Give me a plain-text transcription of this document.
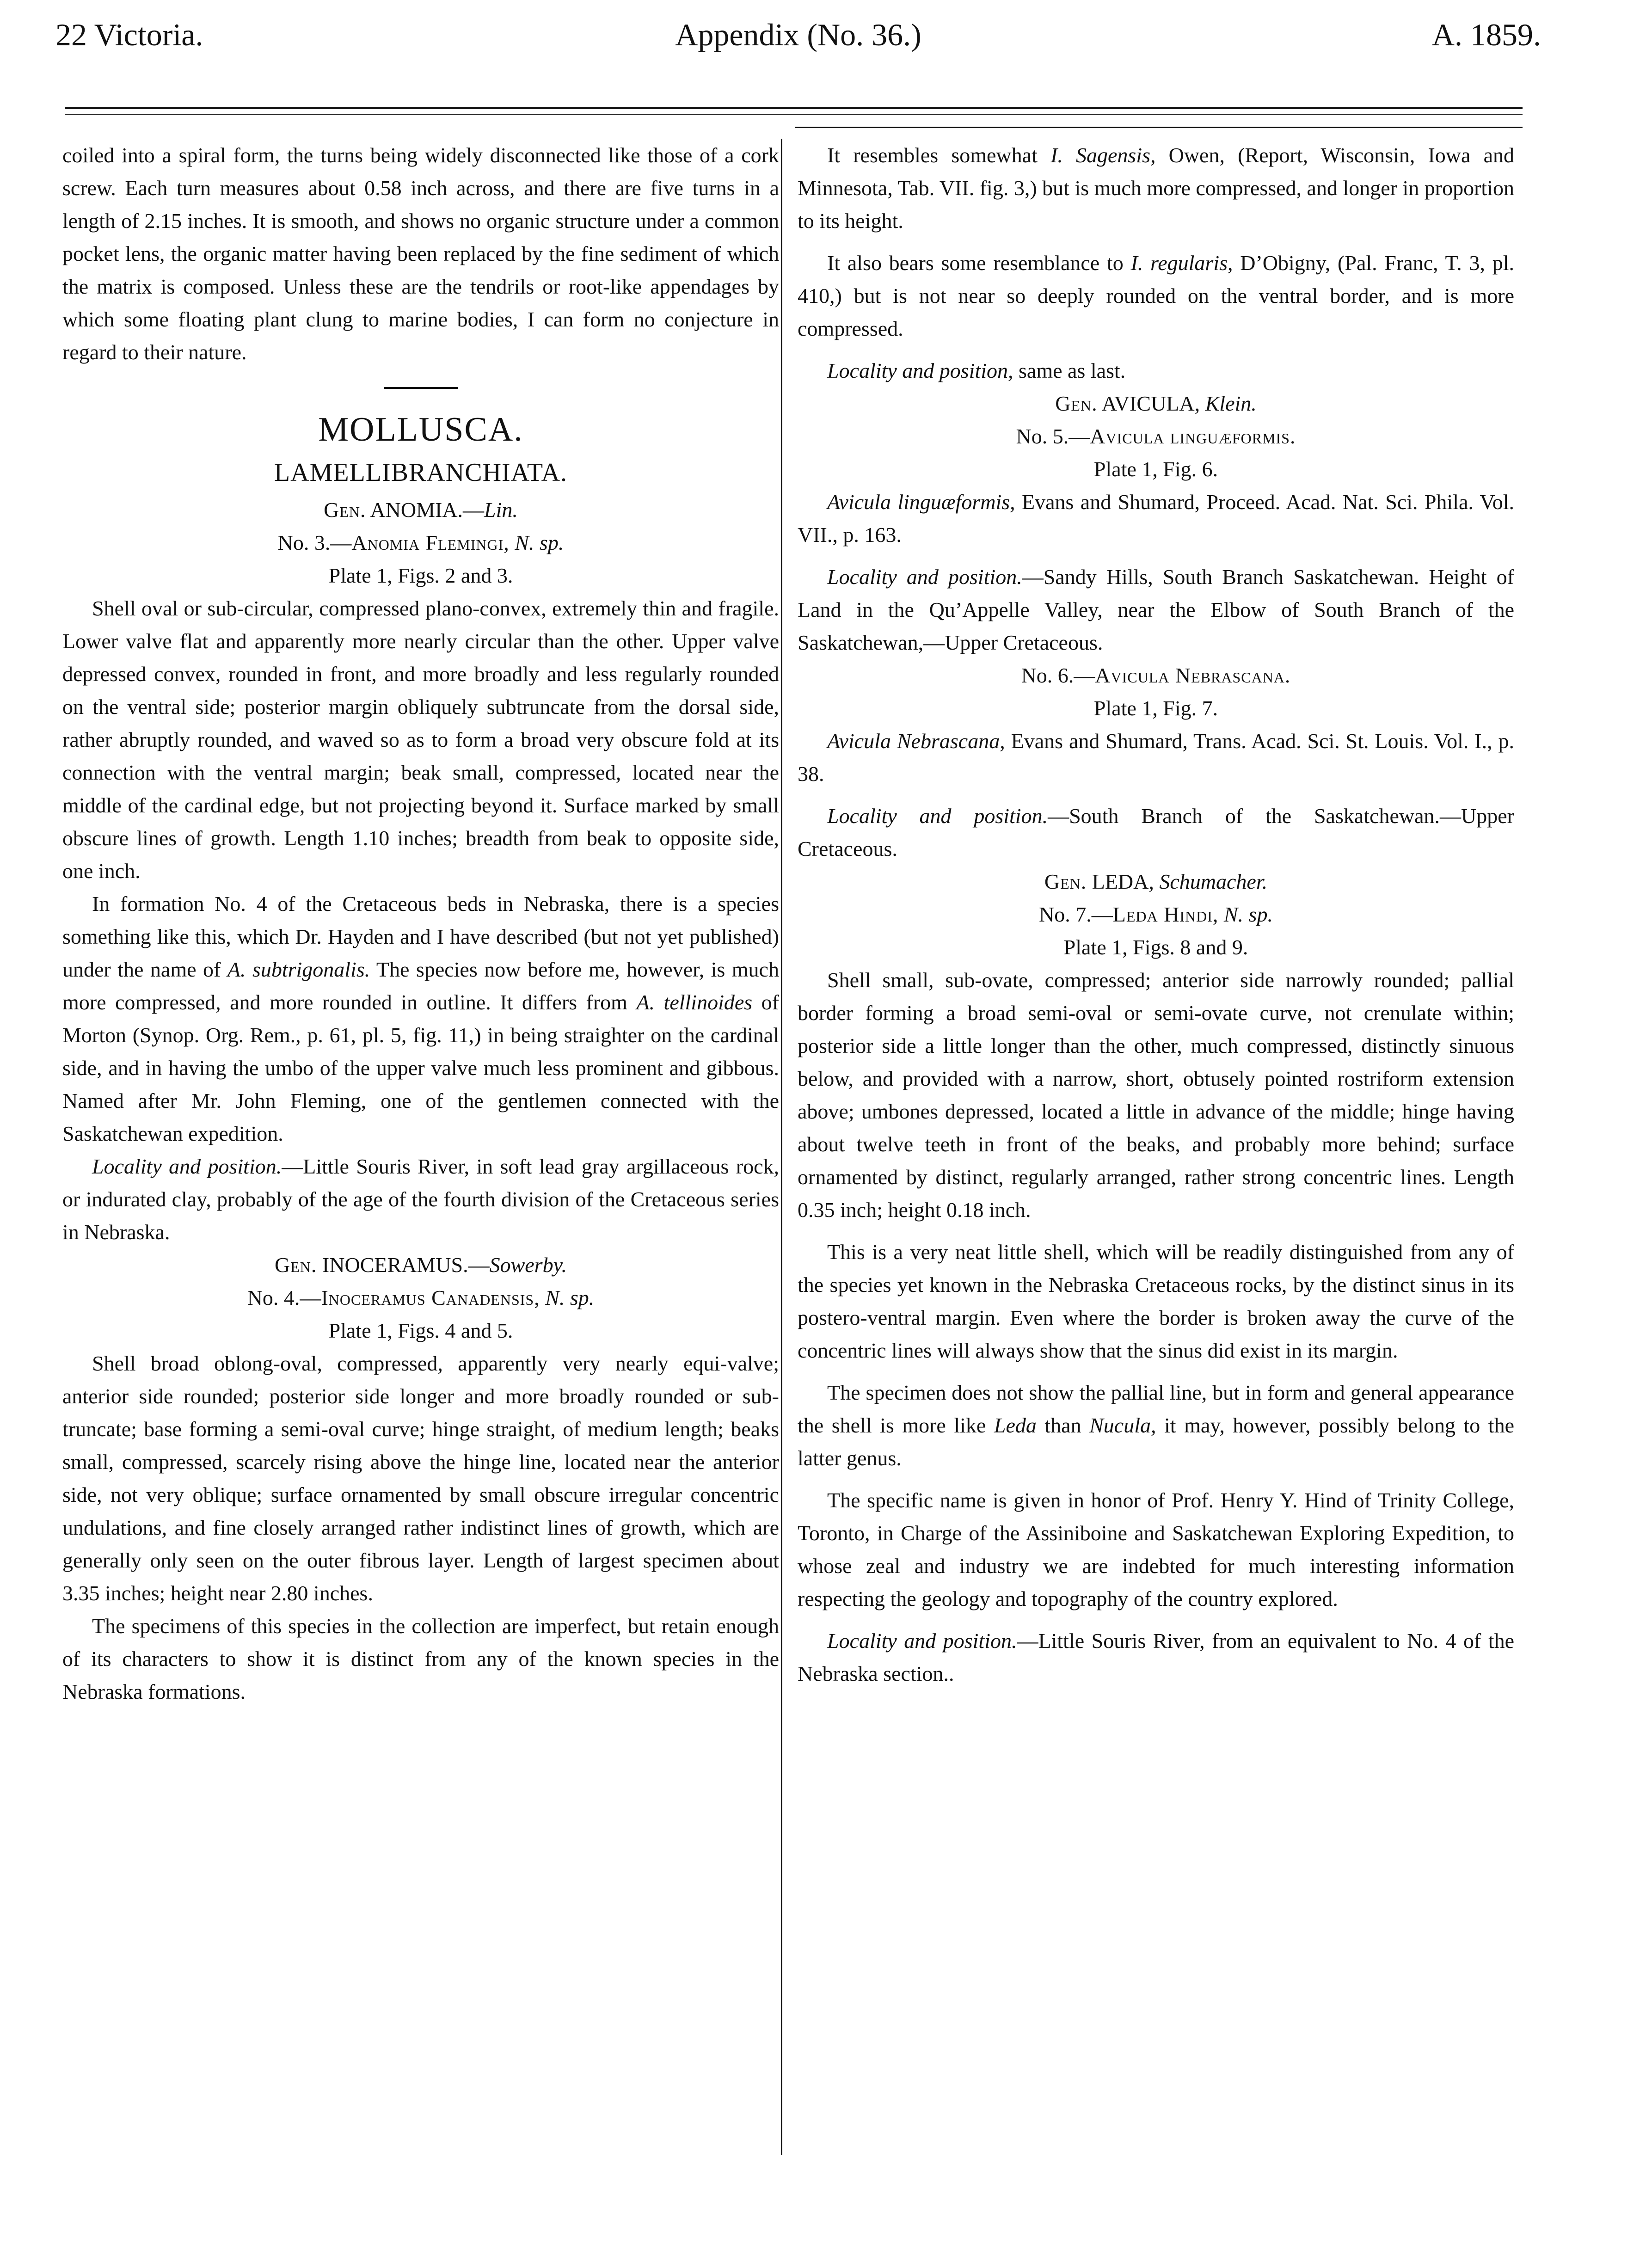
22 Victoria.	Appendix (No. 36.)	A. 1859.

coiled into a spiral form, the turns being widely disconnected like those of a cork screw. Each turn measures about 0.58 inch across, and there are five turns in a length of 2.15 inches. It is smooth, and shows no organic structure under a common pocket lens, the organic matter having been replaced by the fine sediment of which the matrix is composed. Unless these are the tendrils or root-like appendages by which some floating plant clung to marine bodies, I can form no conjecture in regard to their nature.

MOLLUSCA.

LAMELLIBRANCHIATA.

Gen. ANOMIA.—Lin.

No. 3.—Anomia Flemingi, N. sp.

Plate 1, Figs. 2 and 3.

Shell oval or sub-circular, compressed plano-convex, extremely thin and fragile. Lower valve flat and apparently more nearly circular than the other. Upper valve depressed convex, rounded in front, and more broadly and less regularly rounded on the ventral side; posterior margin obliquely subtruncate from the dorsal side, rather abruptly rounded, and waved so as to form a broad very obscure fold at its connection with the ventral margin; beak small, compressed, located near the middle of the cardinal edge, but not projecting beyond it. Surface marked by small obscure lines of growth. Length 1.10 inches; breadth from beak to opposite side, one inch.

In formation No. 4 of the Cretaceous beds in Nebraska, there is a species something like this, which Dr. Hayden and I have described (but not yet published) under the name of A. subtrigonalis. The species now before me, however, is much more compressed, and more rounded in outline. It differs from A. tellinoides of Morton (Synop. Org. Rem., p. 61, pl. 5, fig. 11,) in being straighter on the cardinal side, and in having the umbo of the upper valve much less prominent and gibbous. Named after Mr. John Fleming, one of the gentlemen connected with the Saskatchewan expedition.

Locality and position.—Little Souris River, in soft lead gray argillaceous rock, or indurated clay, probably of the age of the fourth division of the Cretaceous series in Nebraska.

Gen. INOCERAMUS.—Sowerby.

No. 4.—Inoceramus Canadensis, N. sp.

Plate 1, Figs. 4 and 5.

Shell broad oblong-oval, compressed, apparently very nearly equi-valve; anterior side rounded; posterior side longer and more broadly rounded or sub-truncate; base forming a semi-oval curve; hinge straight, of medium length; beaks small, compressed, scarcely rising above the hinge line, located near the anterior side, not very oblique; surface ornamented by small obscure irregular concentric undulations, and fine closely arranged rather indistinct lines of growth, which are generally only seen on the outer fibrous layer. Length of largest specimen about 3.35 inches; height near 2.80 inches.

The specimens of this species in the collection are imperfect, but retain enough of its characters to show it is distinct from any of the known species in the Nebraska formations.

It resembles somewhat I. Sagensis, Owen, (Report, Wisconsin, Iowa and Minnesota, Tab. VII. fig. 3,) but is much more compressed, and longer in proportion to its height.

It also bears some resemblance to I. regularis, D’Obigny, (Pal. Franc, T. 3, pl. 410,) but is not near so deeply rounded on the ventral border, and is more compressed.

Locality and position, same as last.

Gen. AVICULA, Klein.

No. 5.—Avicula linguæformis.

Plate 1, Fig. 6.

Avicula linguæformis, Evans and Shumard, Proceed. Acad. Nat. Sci. Phila. Vol. VII., p. 163.

Locality and position.—Sandy Hills, South Branch Saskatchewan. Height of Land in the Qu’Appelle Valley, near the Elbow of South Branch of the Saskatchewan,—Upper Cretaceous.

No. 6.—Avicula Nebrascana.

Plate 1, Fig. 7.

Avicula Nebrascana, Evans and Shumard, Trans. Acad. Sci. St. Louis. Vol. I., p. 38.

Locality and position.—South Branch of the Saskatchewan.—Upper Cretaceous.

Gen. LEDA, Schumacher.

No. 7.—Leda Hindi, N. sp.

Plate 1, Figs. 8 and 9.

Shell small, sub-ovate, compressed; anterior side narrowly rounded; pallial border forming a broad semi-oval or semi-ovate curve, not crenulate within; posterior side a little longer than the other, much compressed, distinctly sinuous below, and provided with a narrow, short, obtusely pointed rostriform extension above; umbones depressed, located a little in advance of the middle; hinge having about twelve teeth in front of the beaks, and probably more behind; surface ornamented by distinct, regularly arranged, rather strong concentric lines. Length 0.35 inch; height 0.18 inch.

This is a very neat little shell, which will be readily distinguished from any of the species yet known in the Nebraska Cretaceous rocks, by the distinct sinus in its postero-ventral margin. Even where the border is broken away the curve of the concentric lines will always show that the sinus did exist in its margin.

The specimen does not show the pallial line, but in form and general appearance the shell is more like Leda than Nucula, it may, however, possibly belong to the latter genus.

The specific name is given in honor of Prof. Henry Y. Hind of Trinity College, Toronto, in Charge of the Assiniboine and Saskatchewan Exploring Expedition, to whose zeal and industry we are indebted for much interesting information respecting the geology and topography of the country explored.

Locality and position.—Little Souris River, from an equivalent to No. 4 of the Nebraska section..
